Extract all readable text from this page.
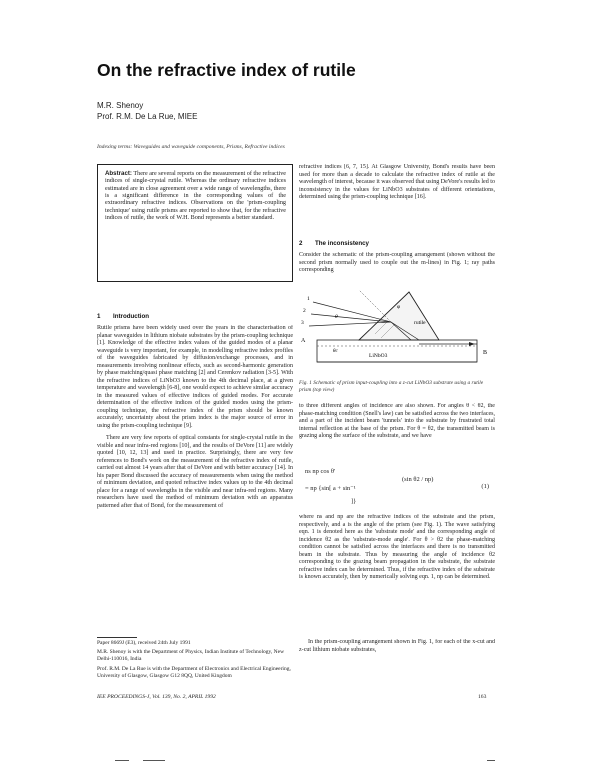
On the refractive index of rutile
M.R. Shenoy
Prof. R.M. De La Rue, MIEE
Indexing terms: Waveguides and waveguide components, Prisms, Refractive indices

Abstract: There are several reports on the measurement of the refractive indices of single-crystal rutile. Whereas the ordinary refractive indices estimated are in close agreement over a wide range of wavelengths, there is a significant difference in the corresponding values of the extraordinary refractive indices. Observations on the 'prism-coupling technique' using rutile prisms are reported to show that, for the refractive indices of rutile, the work of W.H. Bond represents a better standard.

1 Introduction

Rutile prisms have been widely used over the years in the characterisation of planar waveguides in lithium niobate substrates by the prism-coupling technique [1]. Knowledge of the effective index values of the guided modes of a planar waveguide is very important, for example, in modelling refractive index profiles of the waveguides fabricated by diffusion/exchange processes, and in measurements involving nonlinear effects, such as second-harmonic generation by phase matching/quasi phase matching [2] and Cerenkov radiation [3-5]. With the refractive indices of LiNbO3 known to the 4th decimal place, at a given temperature and wavelength [6-8], one would expect to achieve similar accuracy in the measured values of effective indices of guided modes. For accurate determination of the effective indices of the guided modes using the prism-coupling technique, the refractive index of the prism should be known accurately; uncertainty about the prism index is the major source of error in using the prism-coupling technique [9].

There are very few reports of optical constants for single-crystal rutile in the visible and near infra-red regions [10], and the results of DeVore [11] are widely quoted [10, 12, 13] and used in practice. Surprisingly, there are very few references to Bond's work on the measurement of the refractive index of rutile, carried out almost 14 years after that of DeVore and with better accuracy [14]. In his paper Bond discussed the accuracy of measurements when using the method of minimum deviation, and quoted refractive index values up to the 4th decimal place for a range of wavelengths in the visible and near infra-red regions. Many researchers have used the method of minimum deviation with an apparatus patterned after that of Bond, for the measurement of

Paper 8669J (E3), received 24th July 1991
M.R. Shenoy is with the Department of Physics, Indian Institute of Technology, New Delhi-110016, India
Prof. R.M. De La Rue is with the Department of Electronics and Electrical Engineering, University of Glasgow, Glasgow G12 8QQ, United Kingdom
IEE PROCEEDINGS-J, Vol. 139, No. 2, APRIL 1992	163

refractive indices [6, 7, 15]. At Glasgow University, Bond's results have been used for more than a decade to calculate the refractive index of rutile at the wavelength of interest, because it was observed that using DeVore's results led to inconsistency in the values for LiNbO3 substrates of different orientations, determined using the prism-coupling technique [16].

2 The inconsistency

Consider the schematic of the prism-coupling arrangement (shown without the second prism normally used to couple out the m-lines) in Fig. 1; ray paths corresponding

A
B
1
2
3	rutile
LiNbO3
θ
φ
θc
Fig. 1 Schematic of prism input-coupling into a z-cut LiNbO3 substrate using a rutile prism (top view)

to three different angles of incidence are also shown. For angles θ < θ2, the phase-matching condition (Snell's law) can be satisfied across the two interfaces, and a part of the incident beam 'tunnels' into the substrate by frustrated total internal reflection at the base of the prism. For θ = θ2, the transmitted beam is grazing along the surface of the substrate, and we have

ns np cos θ'
= np {sin[ a + sin⁻¹
(sin θ2 / np)
]}
(1)

where ns and np are the refractive indices of the substrate and the prism, respectively, and a is the angle of the prism (see Fig. 1). The wave satisfying eqn. 1 is denoted here as the 'substrate mode' and the corresponding angle of incidence θ2 as the 'substrate-mode angle'. For θ > θ2 the phase-matching condition cannot be satisfied across the interfaces and there is no transmitted beam in the substrate. Thus by measuring the angle of incidence θ2 corresponding to the grazing beam propagation in the substrate, the substrate refractive index can be determined. Thus, if the refractive index of the substrate is known accurately, then by numerically solving eqn. 1, np can be determined.

In the prism-coupling arrangement shown in Fig. 1, for each of the x-cut and z-cut lithium niobate substrates,
